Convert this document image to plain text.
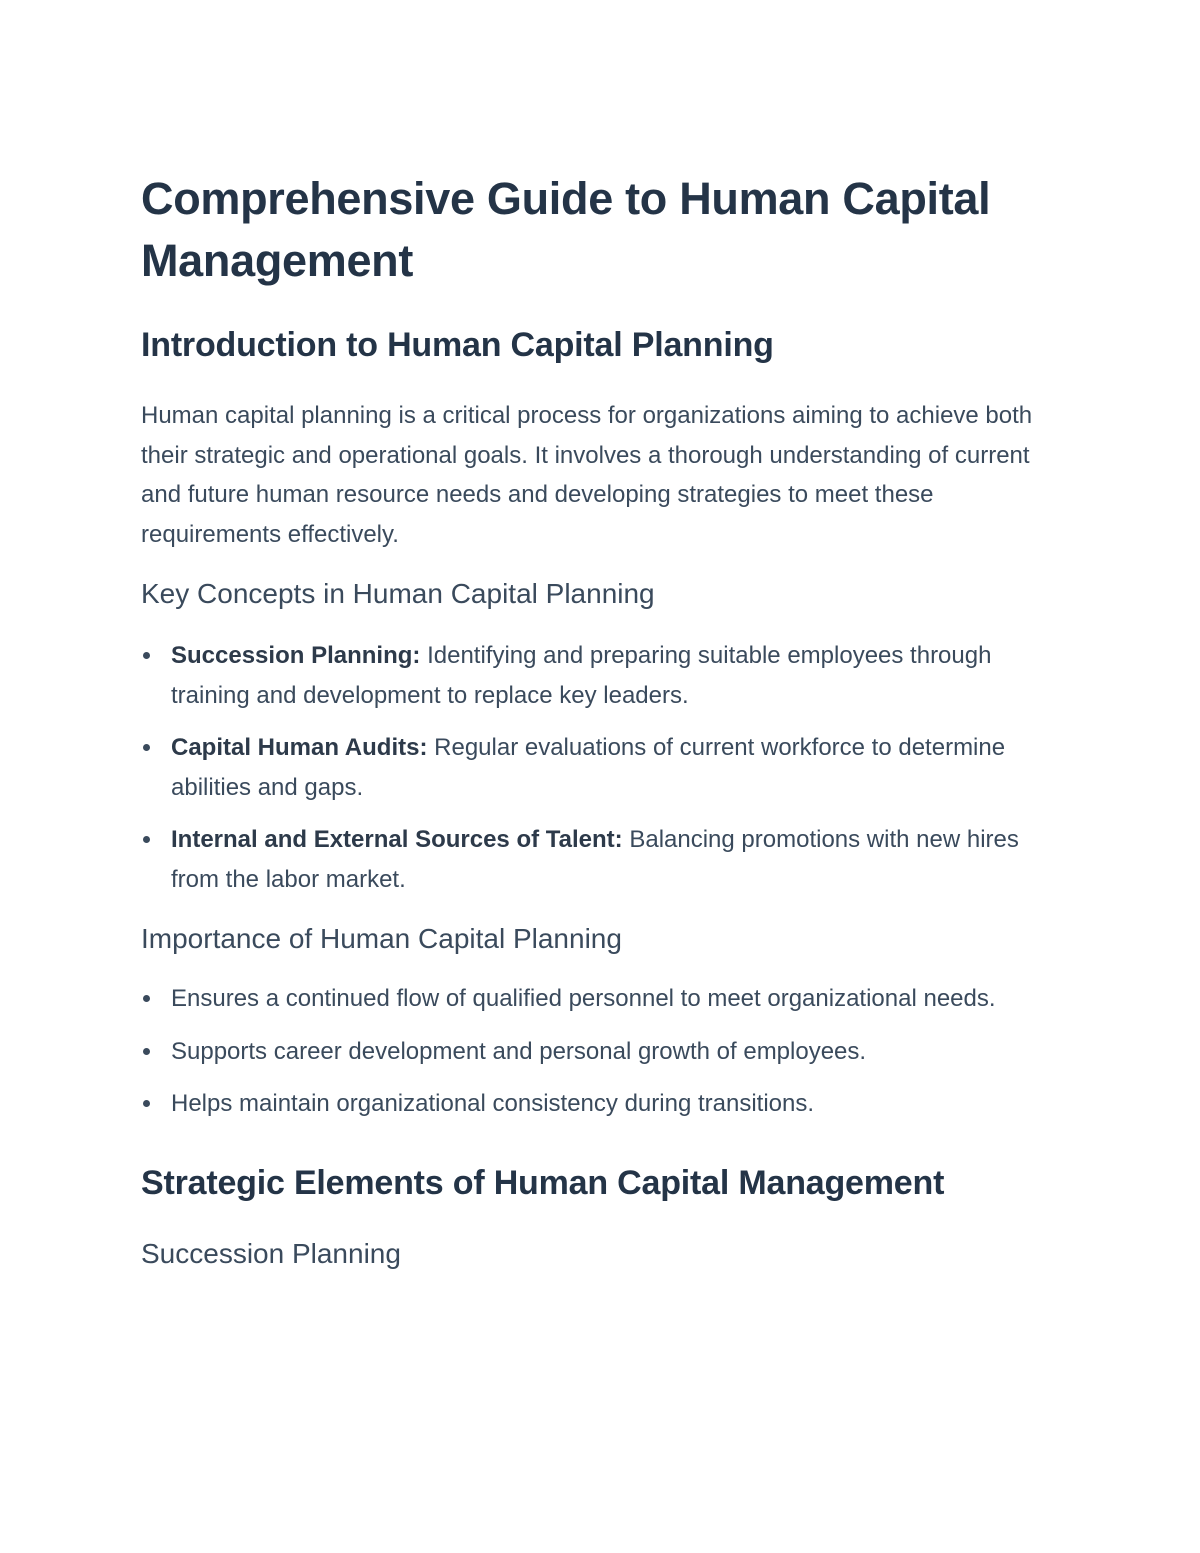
Comprehensive Guide to Human Capital Management
Introduction to Human Capital Planning

Human capital planning is a critical process for organizations aiming to achieve both their strategic and operational goals. It involves a thorough understanding of current and future human resource needs and developing strategies to meet these requirements effectively.

Key Concepts in Human Capital Planning
Succession Planning: Identifying and preparing suitable employees through training and development to replace key leaders.
Capital Human Audits: Regular evaluations of current workforce to determine abilities and gaps.
Internal and External Sources of Talent: Balancing promotions with new hires from the labor market.
Importance of Human Capital Planning
Ensures a continued flow of qualified personnel to meet organizational needs.
Supports career development and personal growth of employees.
Helps maintain organizational consistency during transitions.
Strategic Elements of Human Capital Management
Succession Planning
